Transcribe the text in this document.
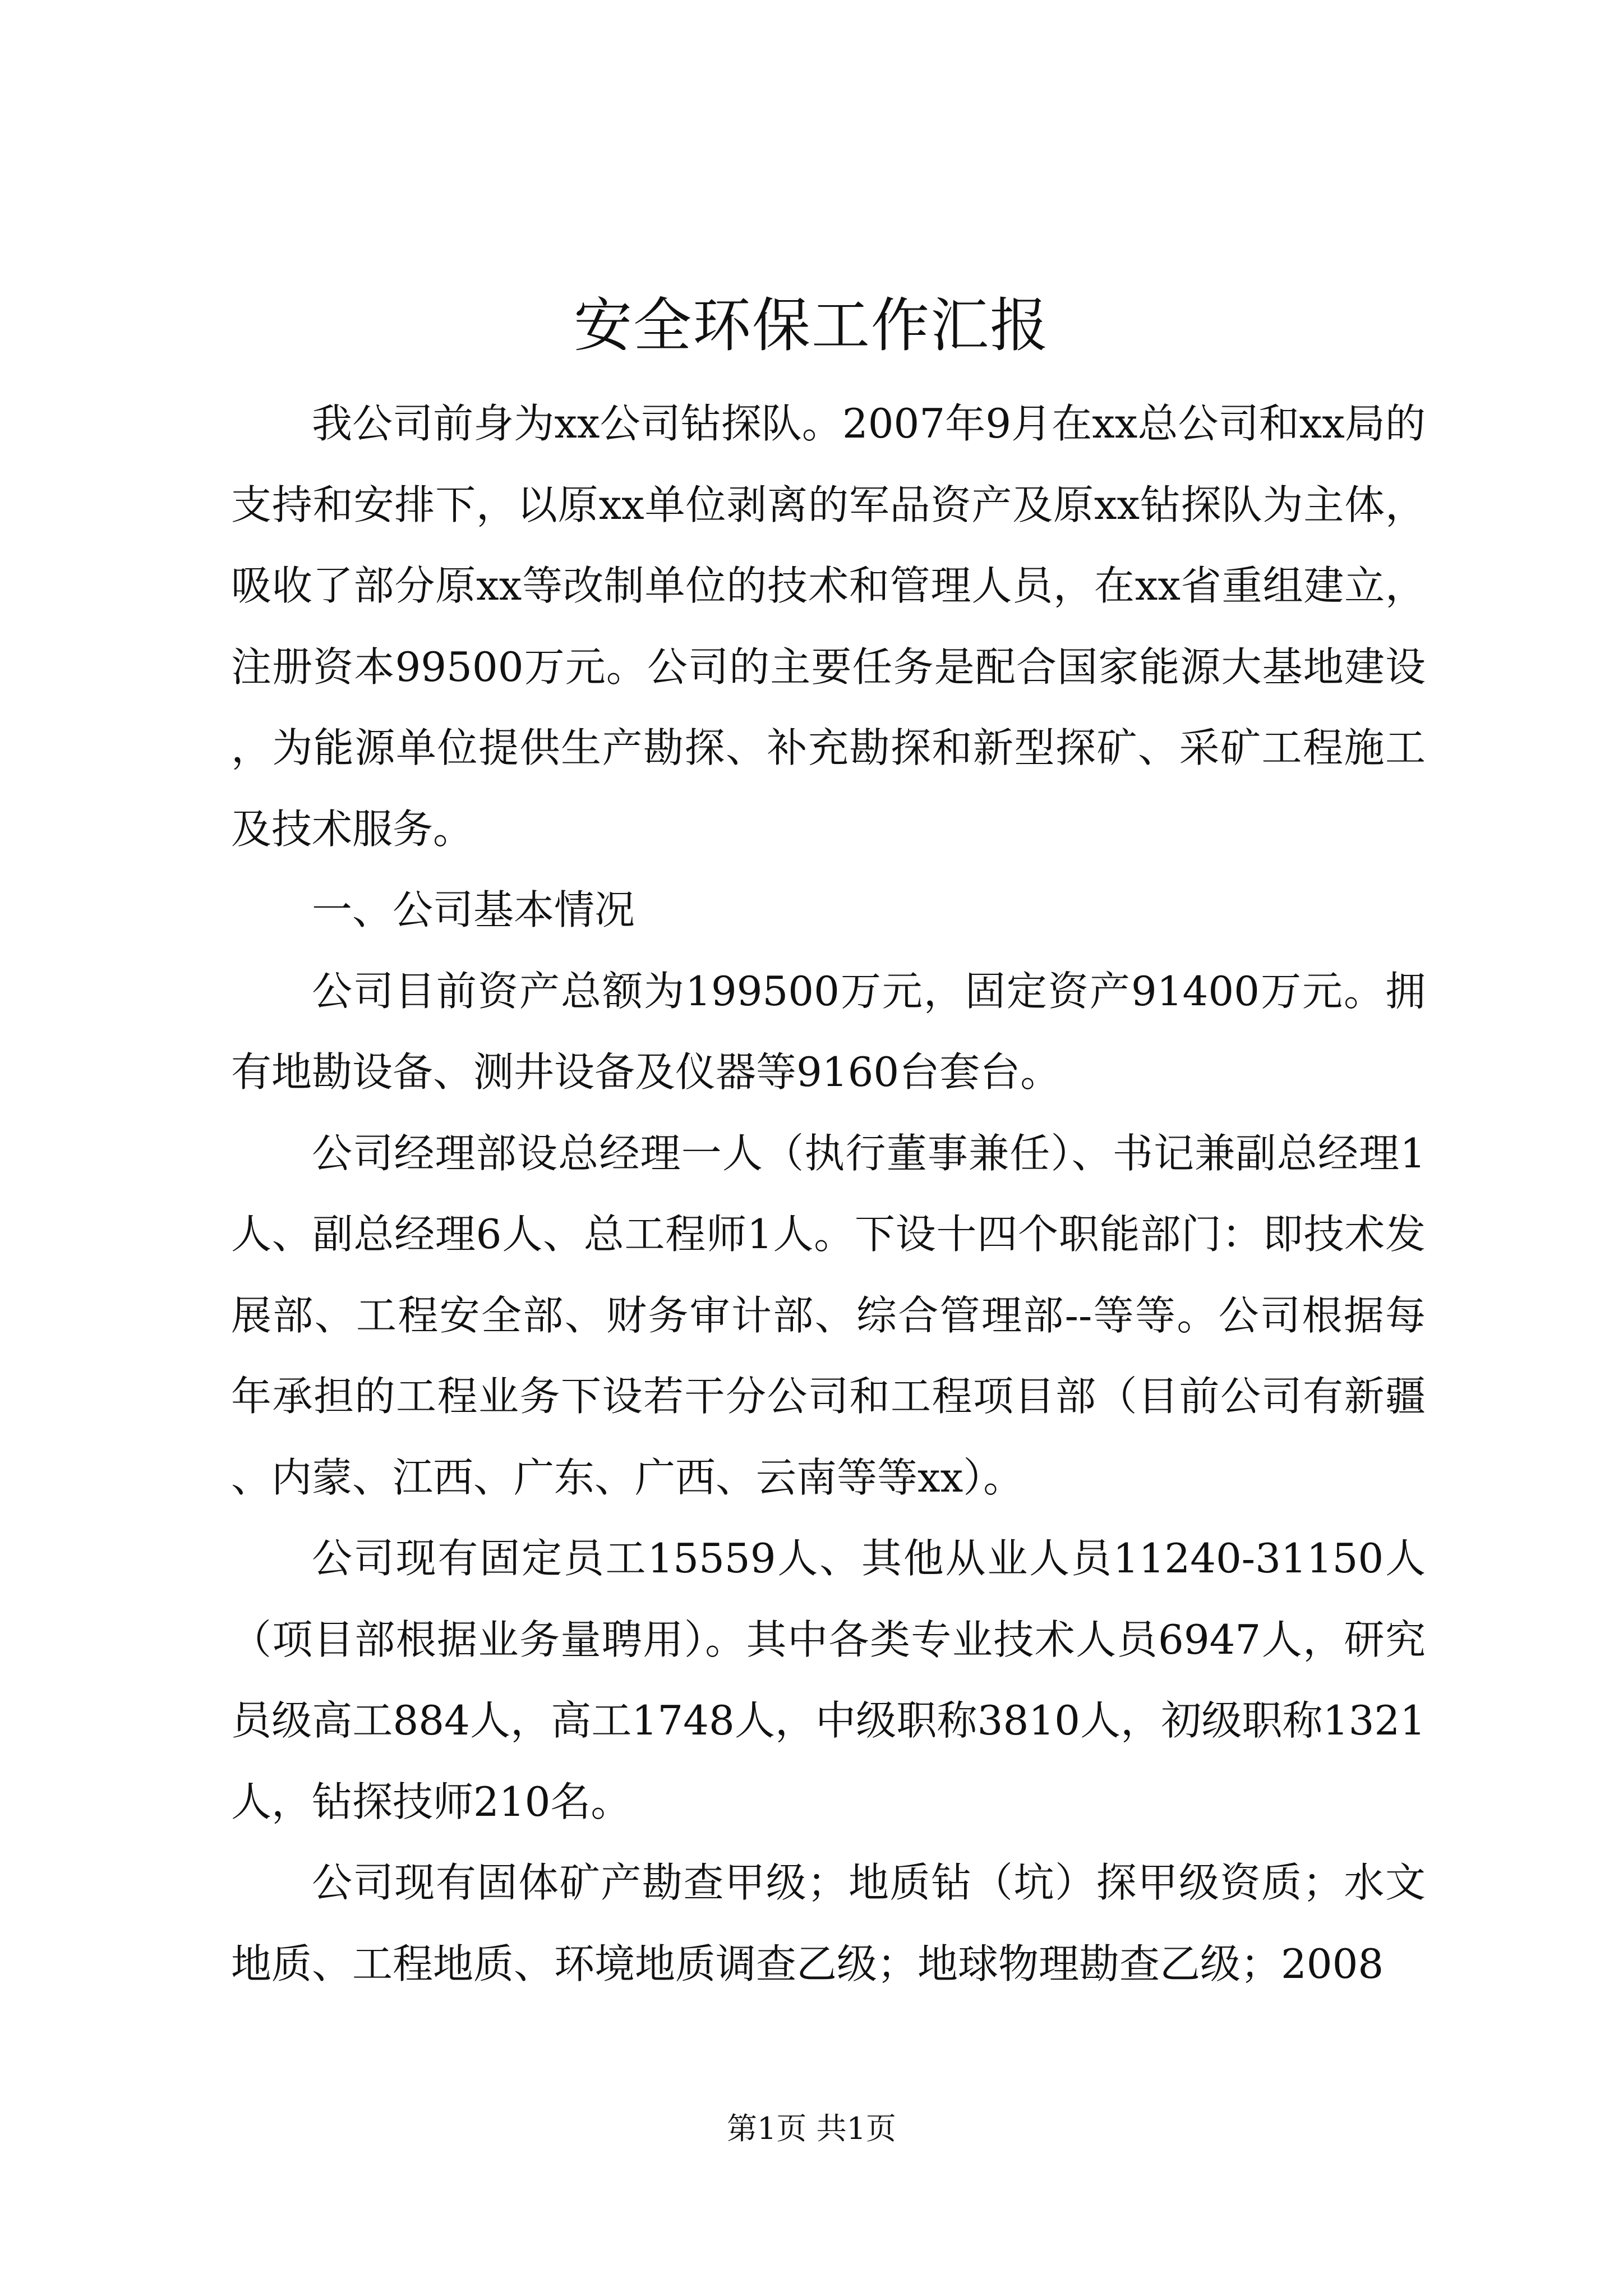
安全环保工作汇报

我公司前身为xx公司钻探队。2007年9月在xx总公司和xx局的支持和安排下，以原xx单位剥离的军品资产及原xx钻探队为主体，吸收了部分原xx等改制单位的技术和管理人员，在xx省重组建立，注册资本99500万元。公司的主要任务是配合国家能源大基地建设，为能源单位提供生产勘探、补充勘探和新型探矿、采矿工程施工及技术服务。

一、公司基本情况

公司目前资产总额为199500万元，固定资产91400万元。拥有地勘设备、测井设备及仪器等9160台套台。

公司经理部设总经理一人（执行董事兼任）、书记兼副总经理1人、副总经理6人、总工程师1人。下设十四个职能部门：即技术发展部、工程安全部、财务审计部、综合管理部--等等。公司根据每年承担的工程业务下设若干分公司和工程项目部（目前公司有新疆、内蒙、江西、广东、广西、云南等等xx）。

公司现有固定员工15559人、其他从业人员11240-31150人（项目部根据业务量聘用）。其中各类专业技术人员6947人，研究员级高工884人，高工1748人，中级职称3810人，初级职称1321人，钻探技师210名。

公司现有固体矿产勘查甲级；地质钻（坑）探甲级资质；水文地质、工程地质、环境地质调查乙级；地球物理勘查乙级；2008

第1页 共1页
